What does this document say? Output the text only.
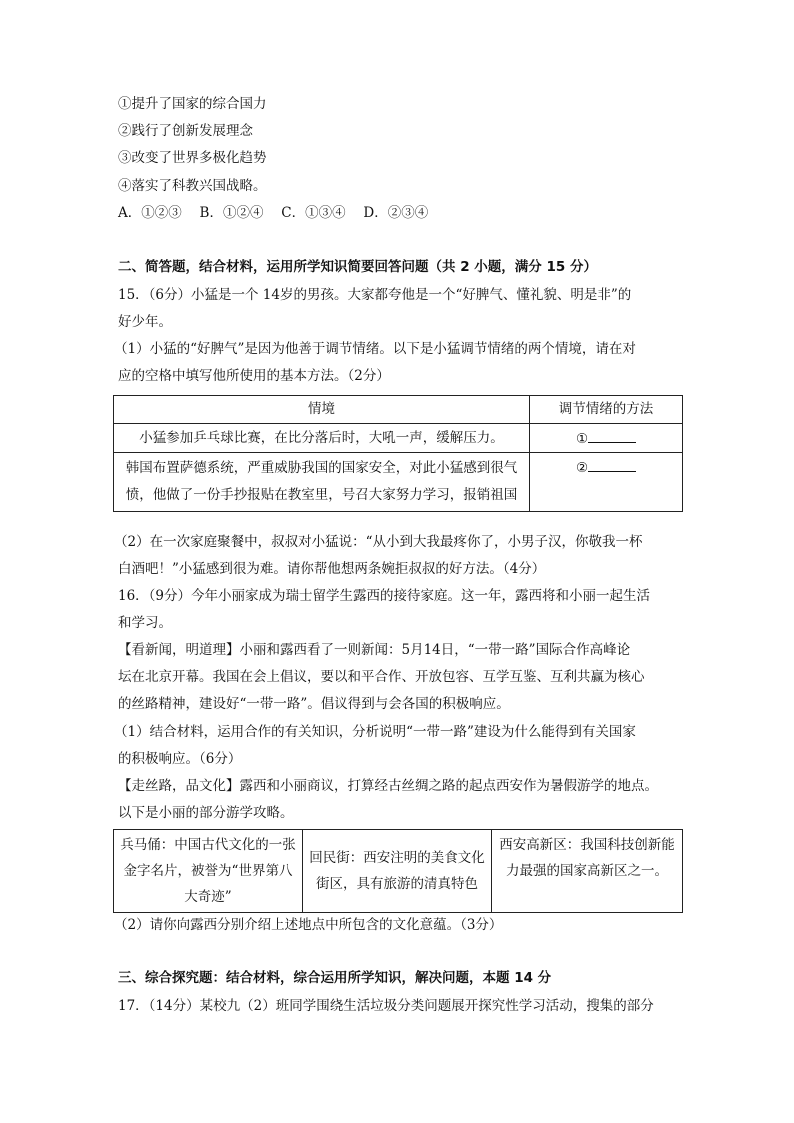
①提升了国家的综合国力
②践行了创新发展理念
③改变了世界多极化趋势
④落实了科教兴国战略。
A．①②③　 B．①②④　 C．①③④　 D．②③④
二、简答题，结合材料，运用所学知识简要回答问题（共 2 小题，满分 15 分）
15．（6分）小猛是一个 14岁的男孩。大家都夸他是一个“好脾气、懂礼貌、明是非”的
好少年。
（1）小猛的“好脾气”是因为他善于调节情绪。以下是小猛调节情绪的两个情境，请在对
应的空格中填写他所使用的基本方法。（2分）
情境	调节情绪的方法
小猛参加乒乓球比赛，在比分落后时，大吼一声，缓解压力。	①
韩国布置萨德系统，严重威胁我国的国家安全，对此小猛感到很气愤，他做了一份手抄报贴在教室里，号召大家努力学习，报销祖国	②
（2）在一次家庭聚餐中，叔叔对小猛说：“从小到大我最疼你了，小男子汉，你敬我一杯
白酒吧！”小猛感到很为难。请你帮他想两条婉拒叔叔的好方法。（4分）
16．（9分）今年小丽家成为瑞士留学生露西的接待家庭。这一年，露西将和小丽一起生活
和学习。
【看新闻，明道理】小丽和露西看了一则新闻：5月14日，“一带一路”国际合作高峰论
坛在北京开幕。我国在会上倡议，要以和平合作、开放包容、互学互鉴、互利共赢为核心
的丝路精神，建设好“一带一路”。倡议得到与会各国的积极响应。
（1）结合材料，运用合作的有关知识，分析说明“一带一路”建设为什么能得到有关国家
的积极响应。（6分）
【走丝路，品文化】露西和小丽商议，打算经古丝绸之路的起点西安作为暑假游学的地点。
以下是小丽的部分游学攻略。
兵马俑：中国古代文化的一张金字名片，被誉为“世界第八大奇迹”	回民街：西安注明的美食文化街区，具有旅游的清真特色	西安高新区：我国科技创新能力最强的国家高新区之一。
（2）请你向露西分别介绍上述地点中所包含的文化意蕴。（3分）
三、综合探究题：结合材料，综合运用所学知识，解决问题，本题 14 分
17．（14分）某校九（2）班同学围绕生活垃圾分类问题展开探究性学习活动，搜集的部分
